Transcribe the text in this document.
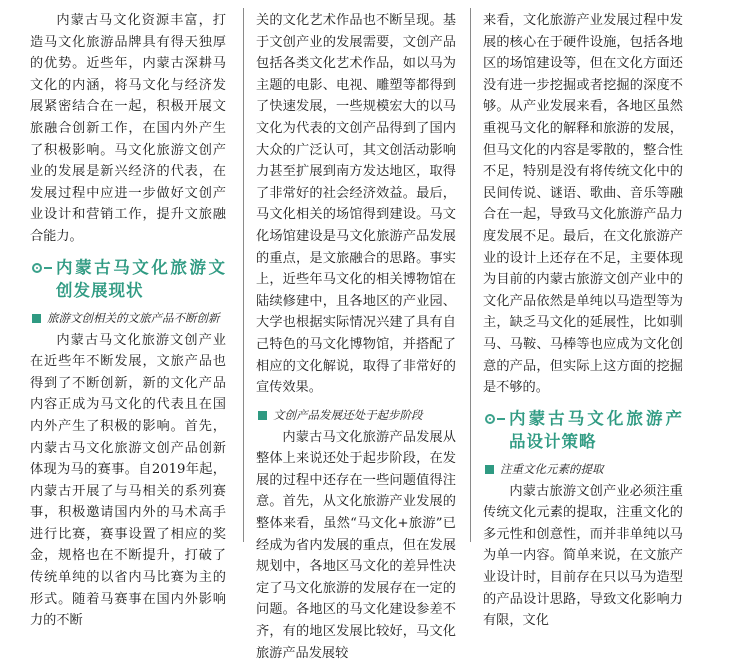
内蒙古马文化资源丰富，打造马文化旅游品牌具有得天独厚的优势。近些年，内蒙古深耕马文化的内涵，将马文化与经济发展紧密结合在一起，积极开展文旅融合创新工作，在国内外产生了积极影响。马文化旅游文创产业的发展是新兴经济的代表，在发展过程中应进一步做好文创产业设计和营销工作，提升文旅融合能力。

内蒙古马文化旅游文创发展现状
旅游文创相关的文旅产品不断创新

内蒙古马文化旅游文创产业在近些年不断发展，文旅产品也得到了不断创新，新的文化产品内容正成为马文化的代表且在国内外产生了积极的影响。首先，内蒙古马文化旅游文创产品创新体现为马的赛事。自2019年起，内蒙古开展了与马相关的系列赛事，积极邀请国内外的马术高手进行比赛，赛事设置了相应的奖金，规格也在不断提升，打破了传统单纯的以省内马比赛为主的形式。随着马赛事在国内外影响力的不断

关的文化艺术作品也不断呈现。基于文创产业的发展需要，文创产品包括各类文化艺术作品，如以马为主题的电影、电视、雕塑等都得到了快速发展，一些规模宏大的以马文化为代表的文创产品得到了国内大众的广泛认可，其文创活动影响力甚至扩展到南方发达地区，取得了非常好的社会经济效益。最后，马文化相关的场馆得到建设。马文化场馆建设是马文化旅游产品发展的重点，是文旅融合的思路。事实上，近些年马文化的相关博物馆在陆续修建中，且各地区的产业园、大学也根据实际情况兴建了具有自己特色的马文化博物馆，并搭配了相应的文化解说，取得了非常好的宣传效果。

文创产品发展还处于起步阶段

内蒙古马文化旅游产品发展从整体上来说还处于起步阶段，在发展的过程中还存在一些问题值得注意。首先，从文化旅游产业发展的整体来看，虽然“马文化+旅游”已经成为省内发展的重点，但在发展规划中，各地区马文化的差异性决定了马文化旅游的发展存在一定的问题。各地区的马文化建设参差不齐，有的地区发展比较好，马文化旅游产品发展较

来看，文化旅游产业发展过程中发展的核心在于硬件设施，包括各地区的场馆建设等，但在文化方面还没有进一步挖掘或者挖掘的深度不够。从产业发展来看，各地区虽然重视马文化的解释和旅游的发展，但马文化的内容是零散的，整合性不足，特别是没有将传统文化中的民间传说、谜语、歌曲、音乐等融合在一起，导致马文化旅游产品力度发展不足。最后，在文化旅游产业的设计上还存在不足，主要体现为目前的内蒙古旅游文创产业中的文化产品依然是单纯以马造型等为主，缺乏马文化的延展性，比如驯马、马鞍、马棒等也应成为文化创意的产品，但实际上这方面的挖掘是不够的。

内蒙古马文化旅游产品设计策略
注重文化元素的提取

内蒙古旅游文创产业必须注重传统文化元素的提取，注重文化的多元性和创意性，而并非单纯以马为单一内容。简单来说，在文旅产业设计时，目前存在只以马为造型的产品设计思路，导致文化影响力有限，文化
